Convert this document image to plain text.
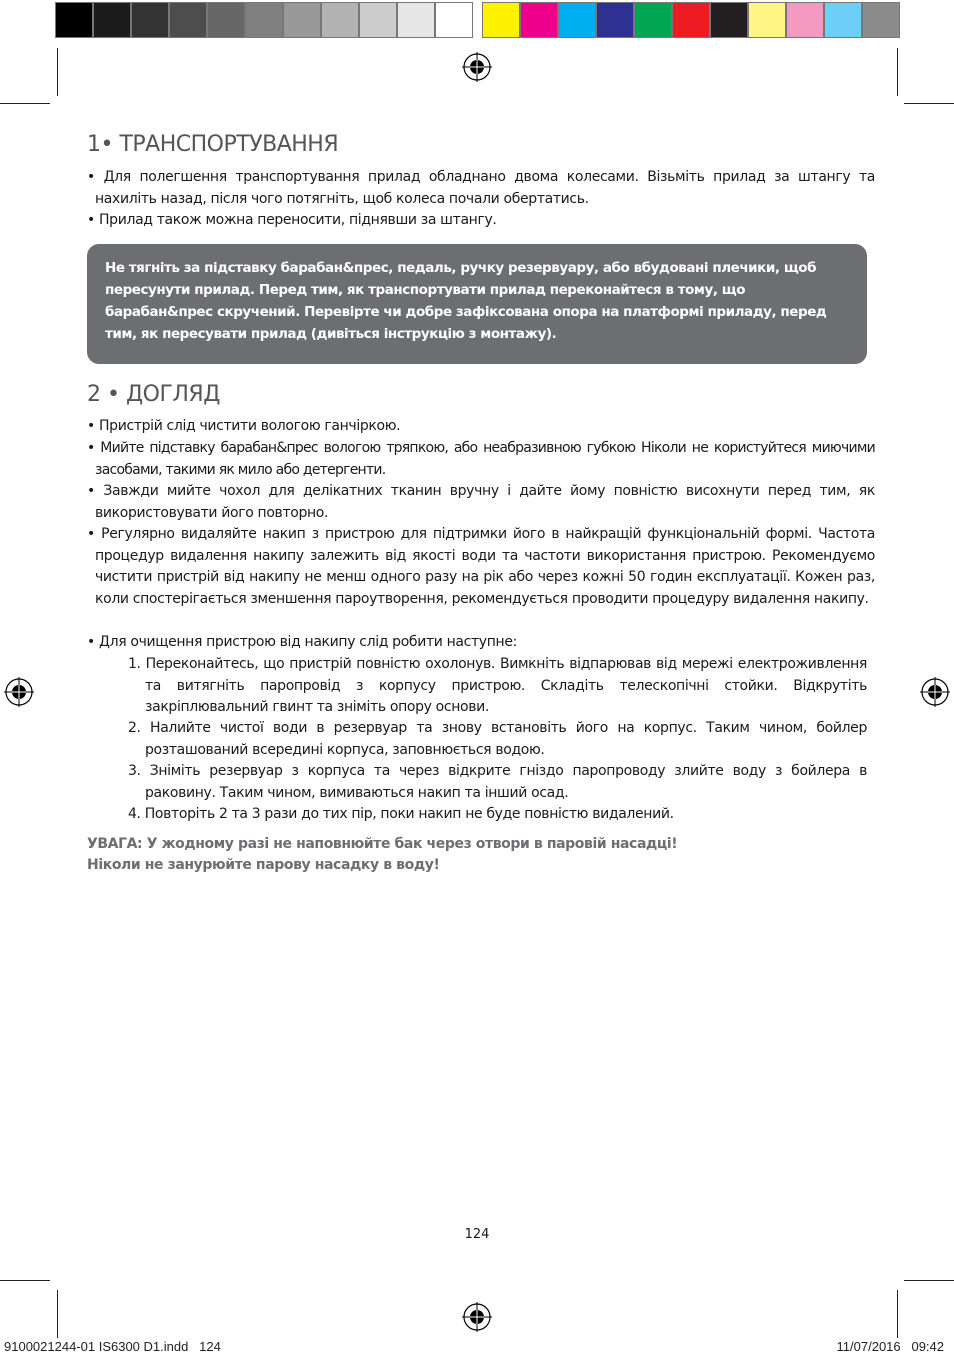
1• ТРАНСПОРТУВАННЯ

• Для полегшення транспортування прилад обладнано двома колесами. Візьміть прилад за штангу та нахиліть назад, після чого потягніть, щоб колеса почали обертатись.

• Прилад також можна переносити, піднявши за штангу.

Не тягніть за підставку барабан&прес, педаль, ручку резервуару, або вбудовані плечики, щоб пересунути прилад. Перед тим, як транспортувати прилад переконайтеся в тому, що барабан&прес скручений. Перевірте чи добре зафіксована опора на платформі приладу, перед тим, як пересувати прилад (дивіться інструкцію з монтажу).

2 • ДОГЛЯД

• Пристрій слід чистити вологою ганчіркою.

• Мийте підставку барабан&прес вологою тряпкою, або неабразивною губкою Ніколи не користуйтеся миючими засобами, такими як мило або детергенти.

• Завжди мийте чохол для делікатних тканин вручну і дайте йому повністю висохнути перед тим, як використовувати його повторно.

• Регулярно видаляйте накип з пристрою для підтримки його в найкращій функціональній формі. Частота процедур видалення накипу залежить від якості води та частоти використання пристрою. Рекомендуємо чистити пристрій від накипу не менш одного разу на рік або через кожні 50 годин експлуатації. Кожен раз, коли спостерігається зменшення пароутворення, рекомендується проводити процедуру видалення накипу.

• Для очищення пристрою від накипу слід робити наступне:

1. Переконайтесь, що пристрій повністю охолонув. Вимкніть відпарював від мережі електроживлення та витягніть паропровід з корпусу пристрою. Складіть телескопічні стойки. Відкрутіть закріплювальний гвинт та зніміть опору основи.

2. Налийте чистої води в резервуар та знову встановіть його на корпус. Таким чином, бойлер розташований всередині корпуса, заповнюється водою.

3. Зніміть резервуар з корпуса та через відкрите гніздо паропроводу злийте воду з бойлера в раковину. Таким чином, вимиваються накип та інший осад.

4. Повторіть 2 та 3 рази до тих пір, поки накип не буде повністю видалений.

УВАГА: У жодному разі не наповнюйте бак через отвори в паровій насадці!
Ніколи не занурюйте парову насадку в воду!
124
9100021244-01 IS6300 D1.indd   124	11/07/2016   09:42
